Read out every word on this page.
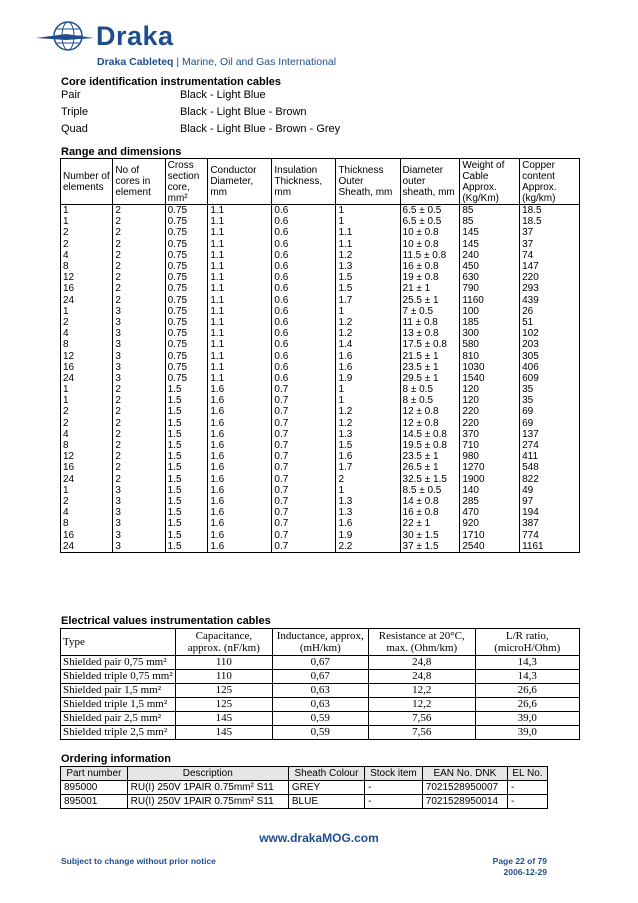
Draka
Draka Cableteq | Marine, Oil and Gas International
Core identification instrumentation cables
Pair	Black - Light Blue
Triple	Black - Light Blue - Brown
Quad	Black - Light Blue - Brown - Grey
Range and dimensions
Number of elements	No of cores in element	Cross section core, mm²	Conductor Diameter, mm	Insulation Thickness, mm	Thickness Outer Sheath, mm	Diameter outer sheath, mm	Weight of Cable Approx. (Kg/Km)	Copper content Approx. (kg/km)
1	2	0.75	1.1	0.6	1	6.5 ± 0.5	85	18.5
1	2	0.75	1.1	0.6	1	6.5 ± 0.5	85	18.5
2	2	0.75	1.1	0.6	1.1	10 ± 0.8	145	37
2	2	0.75	1.1	0.6	1.1	10 ± 0.8	145	37
4	2	0.75	1.1	0.6	1.2	11.5 ± 0.8	240	74
8	2	0.75	1.1	0.6	1.3	16 ± 0.8	450	147
12	2	0.75	1.1	0.6	1.5	19 ± 0.8	630	220
16	2	0.75	1.1	0.6	1.5	21 ± 1	790	293
24	2	0.75	1.1	0.6	1.7	25.5 ± 1	1160	439
1	3	0.75	1.1	0.6	1	7 ± 0.5	100	26
2	3	0.75	1.1	0.6	1.2	11 ± 0.8	185	51
4	3	0.75	1.1	0.6	1.2	13 ± 0.8	300	102
8	3	0.75	1.1	0.6	1.4	17.5 ± 0.8	580	203
12	3	0.75	1.1	0.6	1.6	21.5 ± 1	810	305
16	3	0.75	1.1	0.6	1.6	23.5 ± 1	1030	406
24	3	0.75	1.1	0.6	1.9	29.5 ± 1	1540	609
1	2	1.5	1.6	0.7	1	8 ± 0.5	120	35
1	2	1.5	1.6	0.7	1	8 ± 0.5	120	35
2	2	1.5	1.6	0.7	1.2	12 ± 0.8	220	69
2	2	1.5	1.6	0.7	1.2	12 ± 0.8	220	69
4	2	1.5	1.6	0.7	1.3	14.5 ± 0.8	370	137
8	2	1.5	1.6	0.7	1.5	19.5 ± 0.8	710	274
12	2	1.5	1.6	0.7	1.6	23.5 ± 1	980	411
16	2	1.5	1.6	0.7	1.7	26.5 ± 1	1270	548
24	2	1.5	1.6	0.7	2	32.5 ± 1.5	1900	822
1	3	1.5	1.6	0.7	1	8.5 ± 0.5	140	49
2	3	1.5	1.6	0.7	1.3	14 ± 0.8	285	97
4	3	1.5	1.6	0.7	1.3	16 ± 0.8	470	194
8	3	1.5	1.6	0.7	1.6	22 ± 1	920	387
16	3	1.5	1.6	0.7	1.9	30 ± 1.5	1710	774
24	3	1.5	1.6	0.7	2.2	37 ± 1.5	2540	1161
Electrical values instrumentation cables
Type	Capacitance, approx. (nF/km)	Inductance, approx, (mH/km)	Resistance at 20°C, max. (Ohm/km)	L/R ratio, (microH/Ohm)
Shielded pair 0,75 mm²	110	0,67	24,8	14,3
Shielded triple 0,75 mm²	110	0,67	24,8	14,3
Shielded pair 1,5 mm²	125	0,63	12,2	26,6
Shielded triple 1,5 mm²	125	0,63	12,2	26,6
Shielded pair 2,5 mm²	145	0,59	7,56	39,0
Shielded triple 2,5 mm²	145	0,59	7,56	39,0
Ordering information
Part number	Description	Sheath Colour	Stock item	EAN No. DNK	EL No.
895000	RU(I) 250V 1PAIR 0.75mm² S11	GREY	-	7021528950007	-
895001	RU(I) 250V 1PAIR 0.75mm² S11	BLUE	-	7021528950014	-
www.drakaMOG.com
Subject to change without prior notice	Page 22 of 79
2006-12-29
